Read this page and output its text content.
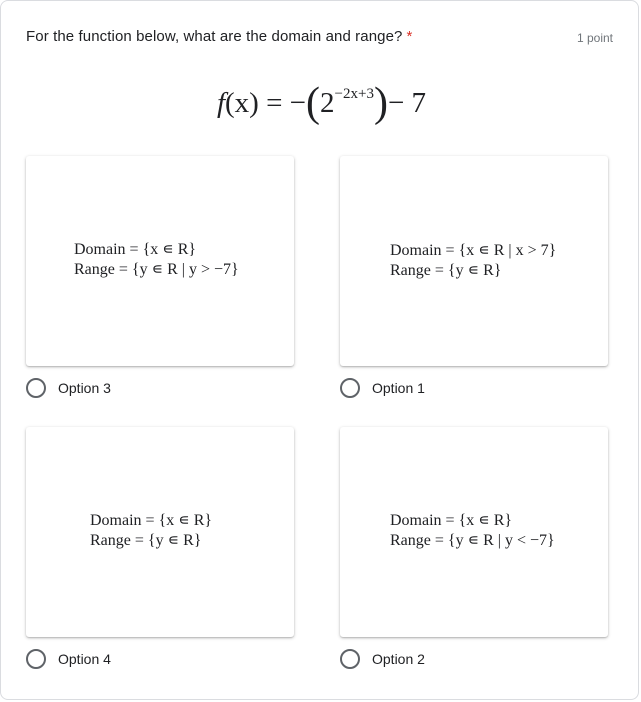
For the function below, what are the domain and range? *	1 point
$f(x) = -(2^{-2x+3})- 7$
Domain = {x ∊ R}
Range = {y ∊ R | y > −7}
Option 3
Domain = {x ∊ R | x > 7}
Range = {y ∊ R}
Option 1
Domain = {x ∊ R}
Range = {y ∊ R}
Option 4
Domain = {x ∊ R}
Range = {y ∊ R | y < −7}
Option 2
